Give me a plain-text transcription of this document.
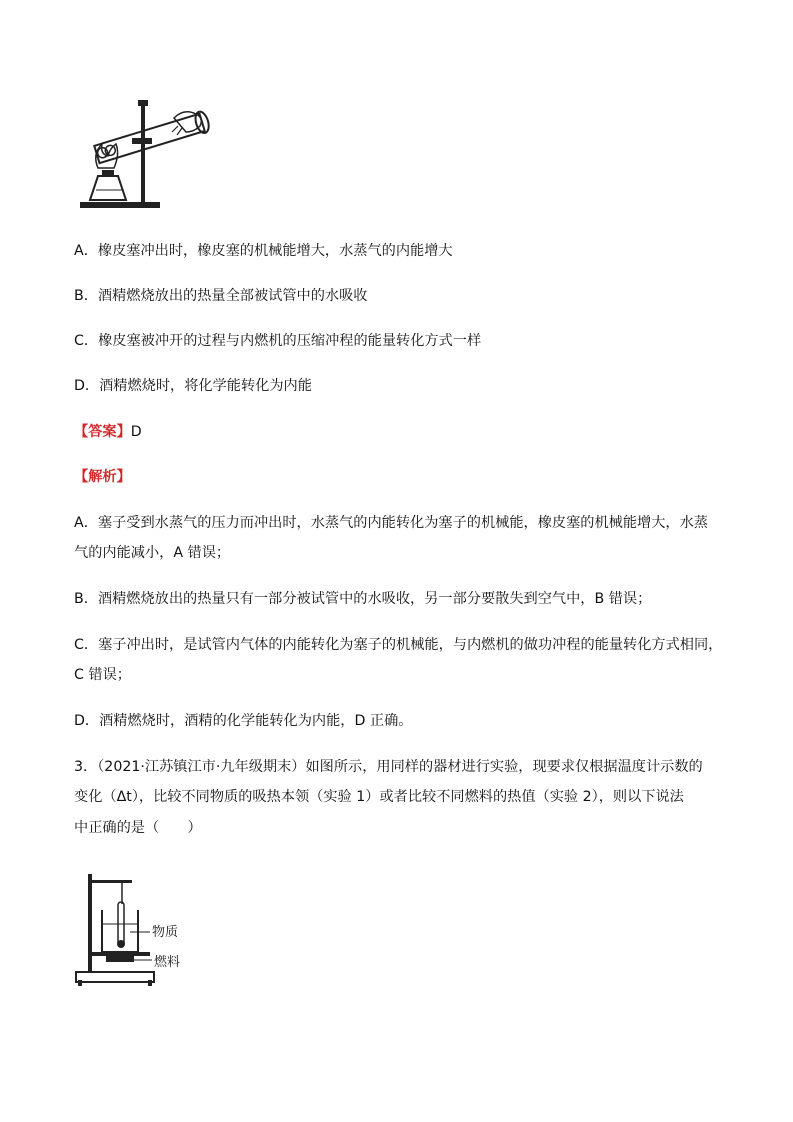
A．橡皮塞冲出时，橡皮塞的机械能增大，水蒸气的内能增大
B．酒精燃烧放出的热量全部被试管中的水吸收
C．橡皮塞被冲开的过程与内燃机的压缩冲程的能量转化方式一样
D．酒精燃烧时，将化学能转化为内能
【答案】D
【解析】
A．塞子受到水蒸气的压力而冲出时，水蒸气的内能转化为塞子的机械能，橡皮塞的机械能增大，水蒸
气的内能减小，A 错误；
B．酒精燃烧放出的热量只有一部分被试管中的水吸收，另一部分要散失到空气中，B 错误；
C．塞子冲出时，是试管内气体的内能转化为塞子的机械能，与内燃机的做功冲程的能量转化方式相同，
C 错误；
D．酒精燃烧时，酒精的化学能转化为内能，D 正确。
3．（2021·江苏镇江市·九年级期末）如图所示，用同样的器材进行实验，现要求仅根据温度计示数的
变化（Δt），比较不同物质的吸热本领（实验 1）或者比较不同燃料的热值（实验 2），则以下说法
中正确的是（　　）
物质
燃料
